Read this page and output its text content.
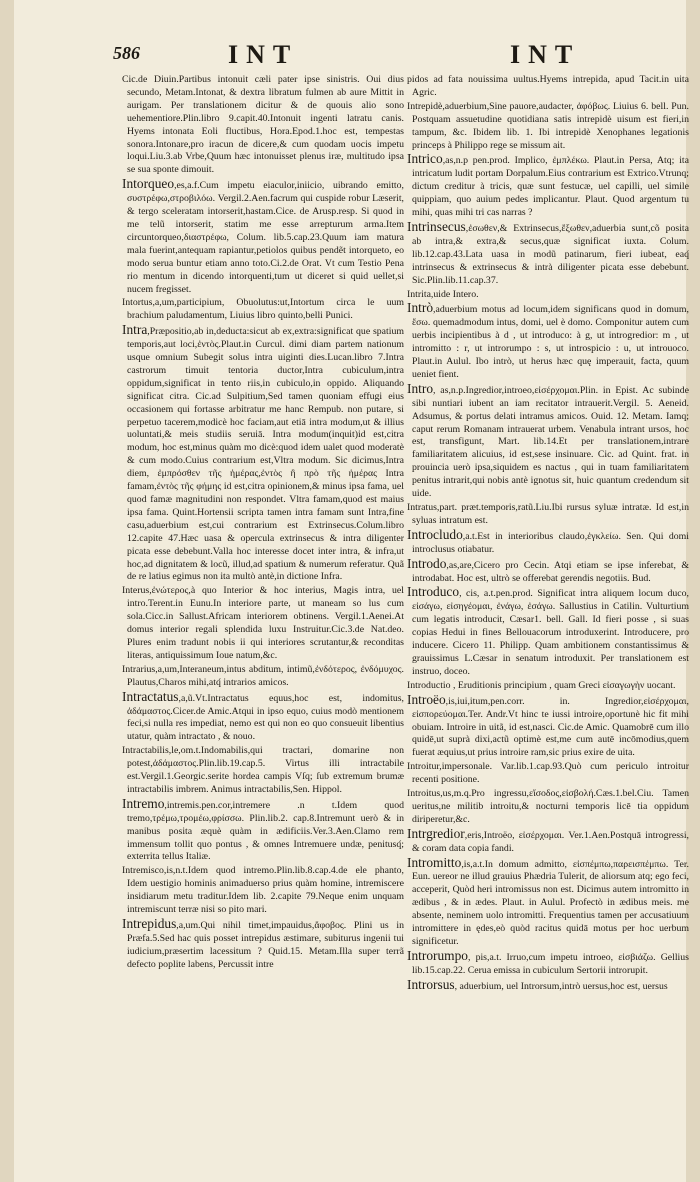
586	INT	INT

Cic.de Diuin.Partibus intonuit cæli pater ipse sinistris. Oui dius secundo, Metam.Intonat, & dextra libratum fulmen ab aure Mittit in aurigam. Per translationem dicitur & de quouis alio sono uehementiore.Plin.libro 9.capit.40.Intonuit ingenti latratu canis. Hyems intonata Eoli fluctibus, Hora.Epod.1.hoc est, tempestas sonora.Intonare,pro iracun de dicere,& cum quodam uocis impetu loqui.Liu.3.ab Vrbe,Quum hæc intonuisset plenus iræ, multitudo ipsa se sua sponte dimouit.

Intorqueo,es,a.f.Cum impetu eiaculor,iniicio, uibrando emitto, συστρέφω,στροβιλόω. Vergil.2.Aen.facrum qui cuspide robur Læserit, & tergo sceleratam intorserit,hastam.Cice. de Arusp.resp. Si quod in me telũ intorserit, statim me esse arrepturum arma.Item circuntorqueo,διαστρέφω, Colum. lib.5.cap.23.Quum iam matura mala fuerint,antequam rapiantur,petiolos quibus pendẽt intorqueto, eo modo serua buntur etiam anno toto.Ci.2.de Orat. Vt cum Testio Pena rio mentum in dicendo intorquenti,tum ut diceret si quid uellet,si nucem fregisset.

Intortus,a,um,participium, Obuolutus:ut,Intortum circa le uum brachium paludamentum, Liuius libro quinto,belli Punici.

Intra,Præpositio,ab in,deducta:sicut ab ex,extra:significat que spatium temporis,aut loci,ἐντὸς.Plaut.in Curcul. dimi diam partem nationum usque omnium Subegit solus intra uiginti dies.Lucan.libro 7.Intra castrorum timuit tentoria ductor,Intra cubiculum,intra oppidum,significat in tento riis,in cubiculo,in oppido. Aliquando significat citra. Cic.ad Sulpitium,Sed tamen quoniam effugi eius occasionem qui fortasse arbitratur me hanc Rempub. non putare, si perpetuo tacerem,modicè hoc faciam,aut etiā intra modum,ut & illius uoluntati,& meis studiis seruiā. Intra modum(inquit)id est,citra modum, hoc est,minus quàm mo dicè:quod idem ualet quod moderatè & cum modo.Cuius contrarium est,Vltra modum. Sic dicimus,Intra diem, ἐμπρόσθεν τῆς ἡμέρας,ἐντὸς ἢ πρὸ τῆς ἡμέρας Intra famam,ἐντὸς τῆς φήμης id est,citra opinionem,& minus ipsa fama, uel quod famæ magnitudini non respondet. Vltra famam,quod est maius ipsa fama. Quint.Hortensii scripta tamen intra famam sunt Intra,fine casu,aduerbium est,cui contrarium est Extrinsecus.Colum.libro 12.capite 47.Hæc uasa & opercula extrinsecus & intra diligenter picata esse debebunt.Valla hoc interesse docet inter intra, & infra,ut hoc,ad dignitatem & locũ, illud,ad spatium & numerum referatur. Quã de re latius egimus non ita multò antè,in dictione Infra.

Interus,ἐνώτερος,à quo Interior & hoc interius, Magis intra, uel intro.Terent.in Eunu.In interiore parte, ut maneam so lus cum sola.Cicc.in Sallust.Africam interiorem obtinens. Vergil.1.Aenei.At domus interior regali splendida luxu Instruitur.Cic.3.de Nat.deo. Plures enim tradunt nobis ii qui interiores scrutantur,& reconditas literas, antiquissimum Ioue natum,&c.

Intrarius,a,um,Interaneum,intus abditum, intimũ,ἐνδότερος, ἐνδόμυχος. Plautus,Charos mihi,atq́ intrarios amicos.

Intractatus,a,ũ.Vt.Intractatus equus,hoc est, indomitus, ἀδάμαστος.Cicer.de Amic.Atqui in ipso equo, cuius modò mentionem feci,si nulla res impediat, nemo est qui non eo quo consueuit libentius utatur, quàm intractato , & nouo.

Intractabilis,le,om.t.Indomabilis,qui tractari, domarine non potest,ἀδάμαστος.Plin.lib.19.cap.5. Virtus illi intractabile est.Vergil.1.Georgic.serite hordea campis Vſq; ſub extremum brumæ intractabilis imbrem. Animus intractabilis,Sen. Hippol.

Intremo,intremis.pen.cor,intremere .n t.Idem quod tremo,τρέμω,τρομέω,φρίσσω. Plin.lib.2. cap.8.Intremunt uerò & in manibus posita æquè quàm in ædificiis.Ver.3.Aen.Clamo rem immensum tollit quo pontus , & omnes Intremuere undæ, penitusq́; exterrita tellus Italiæ.

Intremisco,is,n.t.Idem quod intremo.Plin.lib.8.cap.4.de ele phanto, Idem uestigio hominis animaduerso prius quàm homine, intremiscere insidiarum metu traditur.Idem lib. 2.capite 79.Neque enim unquam intremiscunt terræ nisi so pito mari.

Intrepidus,a,um.Qui nihil timet,impauidus,ἄφοβος. Plini us in Præfa.5.Sed hac quis posset intrepidus æstimare, subiturus ingenii tui iudicium,præsertim lacessitum ? Quid.15. Metam.Illa super terrã defecto poplite labens, Percussit intre

pidos ad fata nouissima uultus.Hyems intrepida, apud Tacit.in uita Agric.

Intrepidè,aduerbium,Sine pauore,audacter, ἀφόβως. Liuius 6. bell. Pun. Postquam assuetudine quotidiana satis intrepidè uisum est fieri,in tampum, &c. Ibidem lib. 1. Ibi intrepidè Xenophanes legationis princeps à Philippo rege se missum ait.

Intrico,as,n.p pen.prod. Implico, ἐμπλέκω. Plaut.in Persa, Atq; ita intricatum ludit portam Dorpalum.Eius contrarium est Extrico.Vtrunq; dictum creditur à tricis, quæ sunt festucæ, uel capilli, uel simile quippiam, quo auium pedes implicantur. Plaut. Quod argentum tu mihi, quas mihi tri cas narras ?

Intrinsecus,ἐσωθεν,& Extrinsecus,ἔξωθεν,aduerbia sunt,cõ posita ab intra,& extra,& secus,quæ significat iuxta. Colum. lib.12.cap.43.Lata uasa in modũ patinarum, fieri iubeat, eaq́ intrinsecus & extrinsecus & intrà diligenter picata esse debebunt. Sic.Plin.lib.11.cap.37.

Intrita,uide Intero.

Intrò,aduerbium motus ad locum,idem significans quod in domum, ἔσω. quemadmodum intus, domi, uel è domo. Componitur autem cum uerbis incipientibus à d , ut introduco: à g, ut introgredior: m , ut intromitto : r, ut introrumpo : s, ut introspicio : u, ut introuoco. Plaut.in Aulul. Ibo intrò, ut herus hæc quę imperauit, facta, quum ueniet fient.

Intro, as,n.p.Ingredior,introeo,εἰσέρχομαι.Plin. in Epist. Ac subinde sibi nuntiari iubent an iam recitator intrauerit.Vergil. 5. Aeneid. Adsumus, & portus delati intramus amicos. Ouid. 12. Metam. Iamq; caput rerum Romanam intrauerat urbem. Venabula intrant ursos, hoc est, transfigunt, Mart. lib.14.Et per translationem,intrare familiaritatem alicuius, id est,sese insinuare. Cic. ad Quint. frat. in prouincia uerò ipsa,siquidem es nactus , qui in tuam familiaritatem penitus intrarit,qui nobis antè ignotus sit, huic quantum credendum sit uide.

Intratus,part. præt.temporis,ratũ.Liu.Ibi rursus syluæ intratæ. Id est,in syluas intratum est.

Introcludo,a.t.Est in interioribus claudo,ἐγκλείω. Sen. Qui domi introclusus otiabatur.

Introdo,as,are,Cicero pro Cecin. Atqi etiam se ipse inferebat, & introdabat. Hoc est, ultrò se offerebat gerendis negotiis. Bud.

Introduco, cis, a.t.pen.prod. Significat intra aliquem locum duco, εἰσάγω, εἰσηγέομαι, ἐνάγω, ἐσάγω. Sallustius in Catilin. Vulturtium cum legatis introducit, Cæsar1. bell. Gall. Id fieri posse , si suas copias Hedui in fines Bellouacorum introduxerint. Introducere, pro inducere. Cicero 11. Philipp. Quam ambitionem constantissimus & grauissimus L.Cæsar in senatum introduxit. Per translationem est instruo, doceo.

Introductio , Eruditionis principium , quam Greci εἰσαγωγὴν uocant.

Introëo,is,iui,itum,pen.corr. in. Ingredior,εἰσέρχομαι, εἰσπορεύομαι.Ter. Andr.Vt hinc te iussi introire,oportunè hic fit mihi obuiam. Introire in uitã, id est,nasci. Cic.de Amic. Quamobrē cum illo quidē,ut suprà dixi,actũ optimè est,me cum autē incōmodius,quem fuerat æquius,ut prius introire ram,sic prius exire de uita.

Introitur,impersonale. Var.lib.1.cap.93.Quò cum periculo introitur recenti positione.

Introitus,us,m.q.Pro ingressu,εἴσοδος,εἰσβολή.Cæs.1.bel.Ciu. Tamen ueritus,ne militib introitu,& nocturni temporis licē tia oppidum diriperetur,&c.

Intrgredior,eris,Introëo, εἰσέρχομαι. Ver.1.Aen.Postquā introgressi, & coram data copia fandi.

Intromitto,is,a.t.In domum admitto, εἰσπέμπω,παρεισπέμπω. Ter. Eun. uereor ne illud grauius Phædria Tulerit, de aliorsum atq; ego feci, acceperit, Quòd heri intromissus non est. Dicimus autem intromitto in ædibus , & in ædes. Plaut. in Aulul. Profectò in ædibus meis. me absente, neminem uolo intromitti. Frequentius tamen per accusatiuum intromittere in ędes,eò quòd racitus quidā motus per hoc uerbum significetur.

Introrumpo, pis,a.t. Irruo,cum impetu introeo, εἰσβιάζω. Gellius lib.15.cap.22. Cerua emissa in cubiculum Sertorii introrupit.

Introrsus, aduerbium, uel Introrsum,intrò uersus,hoc est, uersus
